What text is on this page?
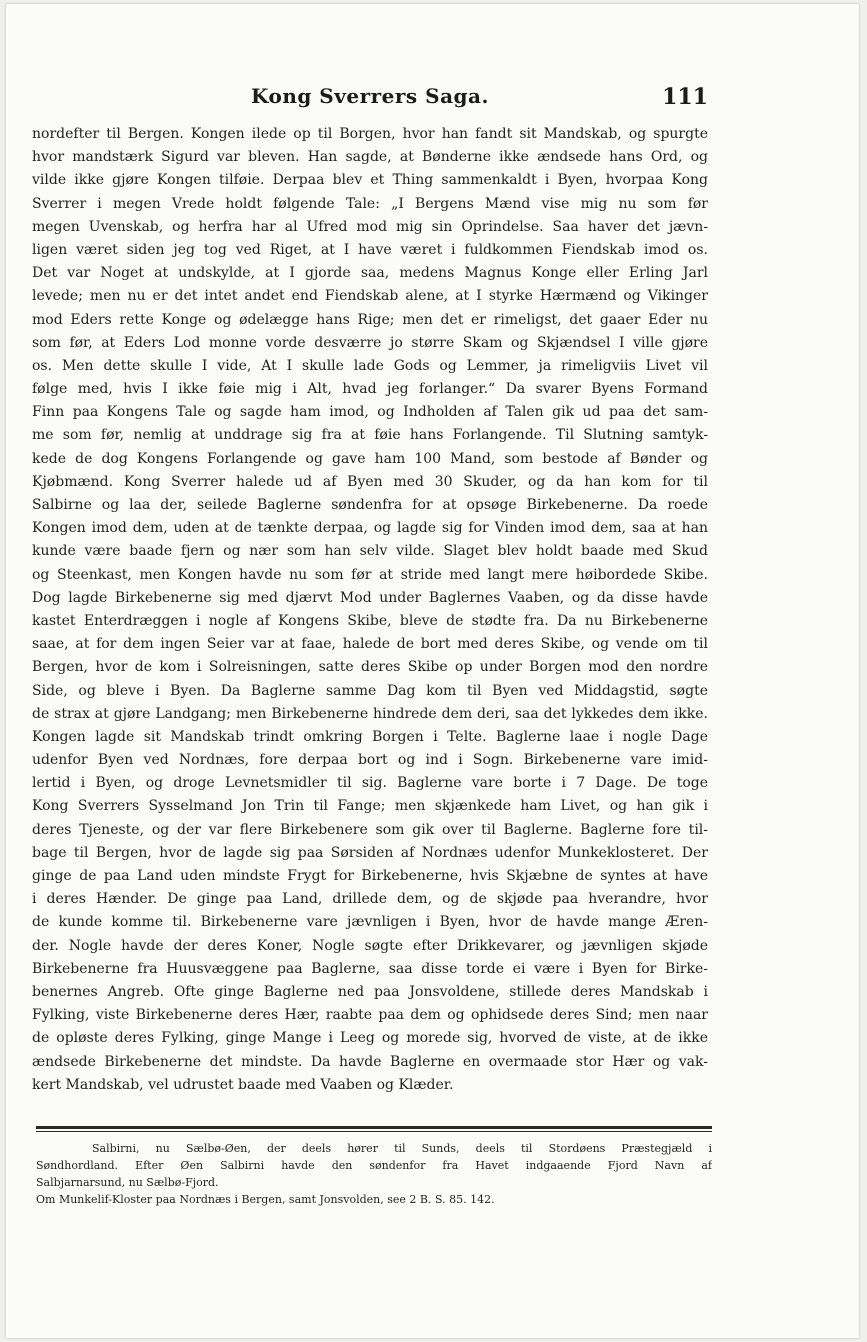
Kong Sverrers Saga.	111
nordefter til Bergen. Kongen ilede op til Borgen, hvor han fandt sit Mandskab, og spurgte
hvor mandstærk Sigurd var bleven. Han sagde, at Bønderne ikke ændsede hans Ord, og
vilde ikke gjøre Kongen tilføie. Derpaa blev et Thing sammenkaldt i Byen, hvorpaa Kong
Sverrer i megen Vrede holdt følgende Tale: „I Bergens Mænd vise mig nu som før
megen Uvenskab, og herfra har al Ufred mod mig sin Oprindelse. Saa haver det jævn-
ligen været siden jeg tog ved Riget, at I have været i fuldkommen Fiendskab imod os.
Det var Noget at undskylde, at I gjorde saa, medens Magnus Konge eller Erling Jarl
levede; men nu er det intet andet end Fiendskab alene, at I styrke Hærmænd og Vikinger
mod Eders rette Konge og ødelægge hans Rige; men det er rimeligst, det gaaer Eder nu
som før, at Eders Lod monne vorde desværre jo større Skam og Skjændsel I ville gjøre
os. Men dette skulle I vide, At I skulle lade Gods og Lemmer, ja rimeligviis Livet vil
følge med, hvis I ikke føie mig i Alt, hvad jeg forlanger.“ Da svarer Byens Formand
Finn paa Kongens Tale og sagde ham imod, og Indholden af Talen gik ud paa det sam-
me som før, nemlig at unddrage sig fra at føie hans Forlangende. Til Slutning samtyk-
kede de dog Kongens Forlangende og gave ham 100 Mand, som bestode af Bønder og
Kjøbmænd. Kong Sverrer halede ud af Byen med 30 Skuder, og da han kom for til
Salbirne og laa der, seilede Baglerne søndenfra for at opsøge Birkebenerne. Da roede
Kongen imod dem, uden at de tænkte derpaa, og lagde sig for Vinden imod dem, saa at han
kunde være baade fjern og nær som han selv vilde. Slaget blev holdt baade med Skud
og Steenkast, men Kongen havde nu som før at stride med langt mere høibordede Skibe.
Dog lagde Birkebenerne sig med djærvt Mod under Baglernes Vaaben, og da disse havde
kastet Enterdræggen i nogle af Kongens Skibe, bleve de stødte fra. Da nu Birkebenerne
saae, at for dem ingen Seier var at faae, halede de bort med deres Skibe, og vende om til
Bergen, hvor de kom i Solreisningen, satte deres Skibe op under Borgen mod den nordre
Side, og bleve i Byen. Da Baglerne samme Dag kom til Byen ved Middagstid, søgte
de strax at gjøre Landgang; men Birkebenerne hindrede dem deri, saa det lykkedes dem ikke.
Kongen lagde sit Mandskab trindt omkring Borgen i Telte. Baglerne laae i nogle Dage
udenfor Byen ved Nordnæs, fore derpaa bort og ind i Sogn. Birkebenerne vare imid-
lertid i Byen, og droge Levnetsmidler til sig. Baglerne vare borte i 7 Dage. De toge
Kong Sverrers Sysselmand Jon Trin til Fange; men skjænkede ham Livet, og han gik i
deres Tjeneste, og der var flere Birkebenere som gik over til Baglerne. Baglerne fore til-
bage til Bergen, hvor de lagde sig paa Sørsiden af Nordnæs udenfor Munkeklosteret. Der
ginge de paa Land uden mindste Frygt for Birkebenerne, hvis Skjæbne de syntes at have
i deres Hænder. De ginge paa Land, drillede dem, og de skjøde paa hverandre, hvor
de kunde komme til. Birkebenerne vare jævnligen i Byen, hvor de havde mange Æren-
der. Nogle havde der deres Koner, Nogle søgte efter Drikkevarer, og jævnligen skjøde
Birkebenerne fra Huusvæggene paa Baglerne, saa disse torde ei være i Byen for Birke-
benernes Angreb. Ofte ginge Baglerne ned paa Jonsvoldene, stillede deres Mandskab i
Fylking, viste Birkebenerne deres Hær, raabte paa dem og ophidsede deres Sind; men naar
de opløste deres Fylking, ginge Mange i Leeg og morede sig, hvorved de viste, at de ikke
ændsede Birkebenerne det mindste. Da havde Baglerne en overmaade stor Hær og vak-
kert Mandskab, vel udrustet baade med Vaaben og Klæder.
Salbirni, nu Sælbø-Øen, der deels hører til Sunds, deels til Stordøens Præstegjæld i
Søndhordland. Efter Øen Salbirni havde den søndenfor fra Havet indgaaende Fjord Navn af
Salbjarnarsund, nu Sælbø-Fjord.
Om Munkelif-Kloster paa Nordnæs i Bergen, samt Jonsvolden, see 2 B. S. 85. 142.
